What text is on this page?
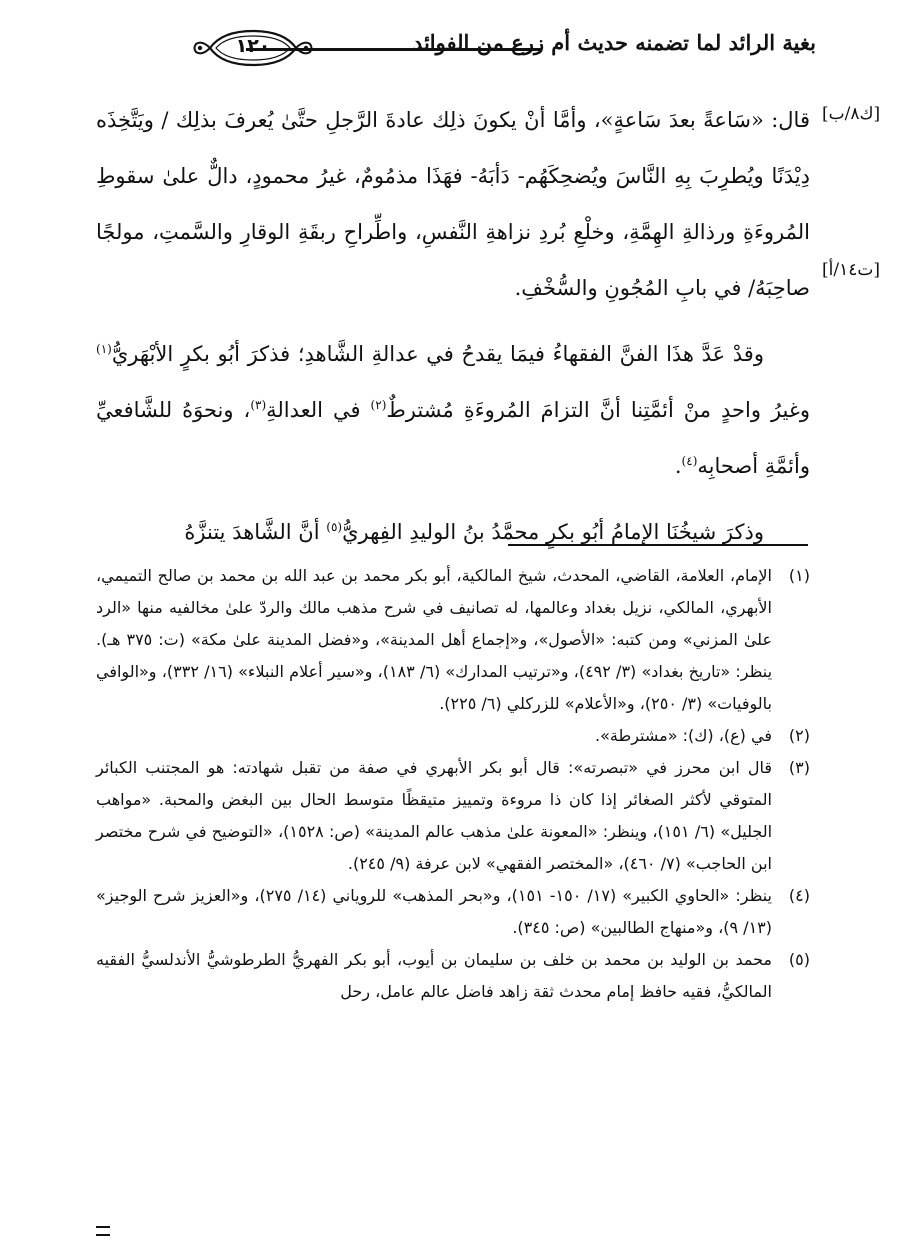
١٢٠	بغية الرائد لما تضمنه حديث أم زرع من الفوائد
[ك٨/ب]
[ت١٤/أ]

قال: «سَاعةً بعدَ سَاعةٍ»، وأمَّا أنْ يكونَ ذلِك عادةَ الرَّجلِ حتَّىٰ يُعرفَ بذلِك / ويَتَّخِذَه دِيْدَنًا ويُطرِبَ بِهِ النَّاسَ ويُضحِكَهُم- دَأبَهُ- فهَذَا مذمُومٌ، غيرُ محمودٍ، دالٌّ علىٰ سقوطِ المُروءَةِ ورذالةِ الهِمَّةِ، وخلْعِ بُردِ نزاهةِ النَّفسِ، واطِّراحِ ربقَةِ الوقارِ والسَّمتِ، مولجًا صاحِبَهُ/ في بابِ المُجُونِ والسُّخْفِ.

وقدْ عَدَّ هذَا الفنَّ الفقهاءُ فيمَا يقدحُ في عدالةِ الشَّاهدِ؛ فذكرَ أبُو بكرٍ الأبْهَريُّ$^{(١)}$ وغيرُ واحدٍ منْ أئمَّتِنا أنَّ التزامَ المُروءَةِ مُشترطٌ$^{(٢)}$ في العدالةِ$^{(٣)}$، ونحوَهُ للشَّافعيِّ وأئمَّةِ أصحابِه$^{(٤)}$.

وذكرَ شيخُنَا الإمامُ أبُو بكرٍ محمَّدُ بنُ الوليدِ الفِهريُّ$^{(٥)}$ أنَّ الشَّاهدَ يتنزَّهُ

(١)
الإمام، العلامة، القاضي، المحدث، شيخ المالكية، أبو بكر محمد بن عبد الله بن محمد بن صالح التميمي، الأبهري، المالكي، نزيل بغداد وعالمها، له تصانيف في شرح مذهب مالك والردّ علىٰ مخالفيه منها «الرد علىٰ المزني» ومن كتبه: «الأصول»، و«إجماع أهل المدينة»، و«فضل المدينة علىٰ مكة» (ت: ٣٧٥ هـ). ينظر: «تاريخ بغداد» (٣/ ٤٩٢)، و«ترتيب المدارك» (٦/ ١٨٣)، و«سير أعلام النبلاء» (١٦/ ٣٣٢)، و«الوافي بالوفيات» (٣/ ٢٥٠)، و«الأعلام» للزركلي (٦/ ٢٢٥).

(٢)
في (ع)، (ك): «مشترطة».

(٣)
قال ابن محرز في «تبصرته»: قال أبو بكر الأبهري في صفة من تقبل شهادته: هو المجتنب الكبائر المتوقي لأكثر الصغائر إذا كان ذا مروءة وتمييز متيقظًا متوسط الحال بين البغض والمحبة. «مواهب الجليل» (٦/ ١٥١)، وينظر: «المعونة علىٰ مذهب عالم المدينة» (ص: ١٥٢٨)، «التوضيح في شرح مختصر ابن الحاجب» (٧/ ٤٦٠)، «المختصر الفقهي» لابن عرفة (٩/ ٢٤٥).

(٤)
ينظر: «الحاوي الكبير» (١٧/ ١٥٠- ١٥١)، و«بحر المذهب» للروياني (١٤/ ٢٧٥)، و«العزيز شرح الوجيز» (١٣/ ٩)، و«منهاج الطالبين» (ص: ٣٤٥).

(٥)
محمد بن الوليد بن محمد بن خلف بن سليمان بن أيوب، أبو بكر الفهريُّ الطرطوشيُّ الأندلسيُّ الفقيه المالكيُّ، فقيه حافظ إمام محدث ثقة زاهد فاضل عالم عامل، رحل
